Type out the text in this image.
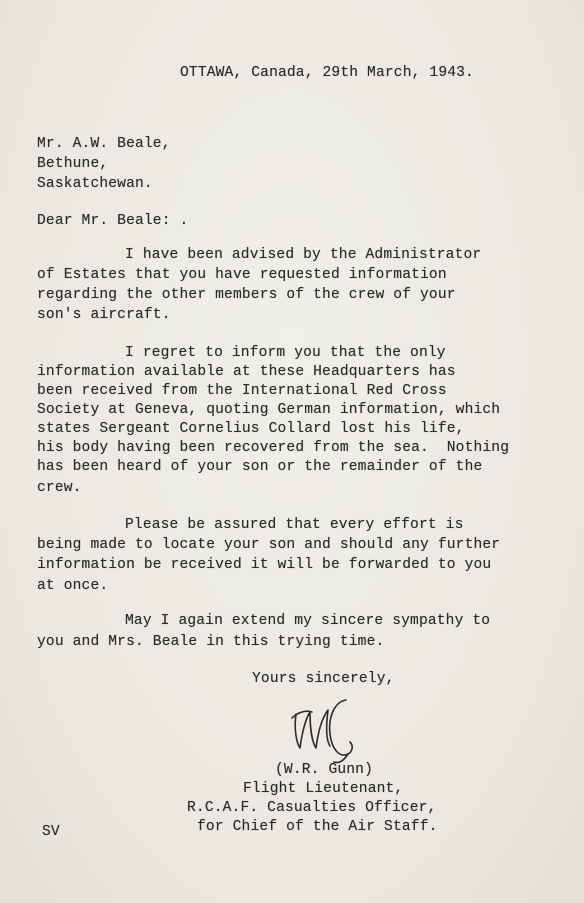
OTTAWA, Canada, 29th March, 1943.
Mr. A.W. Beale,
Bethune,
Saskatchewan.
Dear Mr. Beale: .
I have been advised by the Administrator
of Estates that you have requested information
regarding the other members of the crew of your
son's aircraft.
I regret to inform you that the only
information available at these Headquarters has
been received from the International Red Cross
Society at Geneva, quoting German information, which
states Sergeant Cornelius Collard lost his life,
his body having been recovered from the sea.  Nothing
has been heard of your son or the remainder of the
crew.
Please be assured that every effort is
being made to locate your son and should any further
information be received it will be forwarded to you
at once.
May I again extend my sincere sympathy to
you and Mrs. Beale in this trying time.
Yours sincerely,
(W.R. Gunn)
Flight Lieutenant,
R.C.A.F. Casualties Officer,
for Chief of the Air Staff.
SV
